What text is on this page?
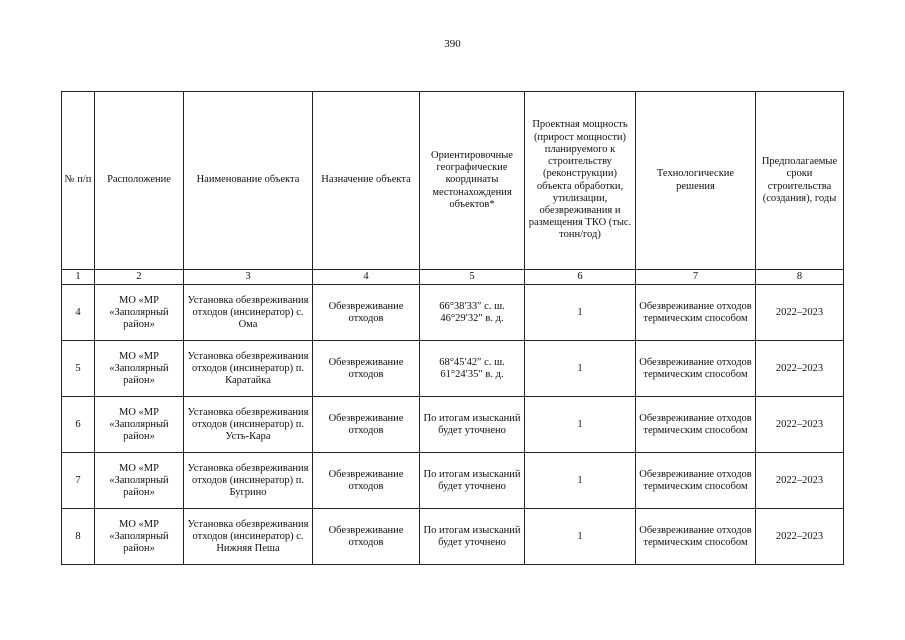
390
№ п/п	Расположение	Наименование объекта	Назначение объекта	Ориентировочные географические координаты местонахождения объектов*	Проектная мощность (прирост мощности) планируемого к строительству (реконструкции) объекта обработки, утилизации, обезвреживания и размещения ТКО (тыс. тонн/год)	Технологические решения	Предполагаемые сроки строительства (создания), годы
1	2	3	4	5	6	7	8
4	МО «МР «Заполярный район»	Установка обезвреживания отходов (инсинератор) с. Ома	Обезвреживание отходов	66°38′33″ с. ш. 46°29′32″ в. д.	1	Обезвреживание отходов термическим способом	2022–2023
5	МО «МР «Заполярный район»	Установка обезвреживания отходов (инсинератор) п. Каратайка	Обезвреживание отходов	68°45′42″ с. ш. 61°24′35″ в. д.	1	Обезвреживание отходов термическим способом	2022–2023
6	МО «МР «Заполярный район»	Установка обезвреживания отходов (инсинератор) п. Усть-Кара	Обезвреживание отходов	По итогам изысканий будет уточнено	1	Обезвреживание отходов термическим способом	2022–2023
7	МО «МР «Заполярный район»	Установка обезвреживания отходов (инсинератор) п. Бугрино	Обезвреживание отходов	По итогам изысканий будет уточнено	1	Обезвреживание отходов термическим способом	2022–2023
8	МО «МР «Заполярный район»	Установка обезвреживания отходов (инсинератор) с. Нижняя Пеша	Обезвреживание отходов	По итогам изысканий будет уточнено	1	Обезвреживание отходов термическим способом	2022–2023
